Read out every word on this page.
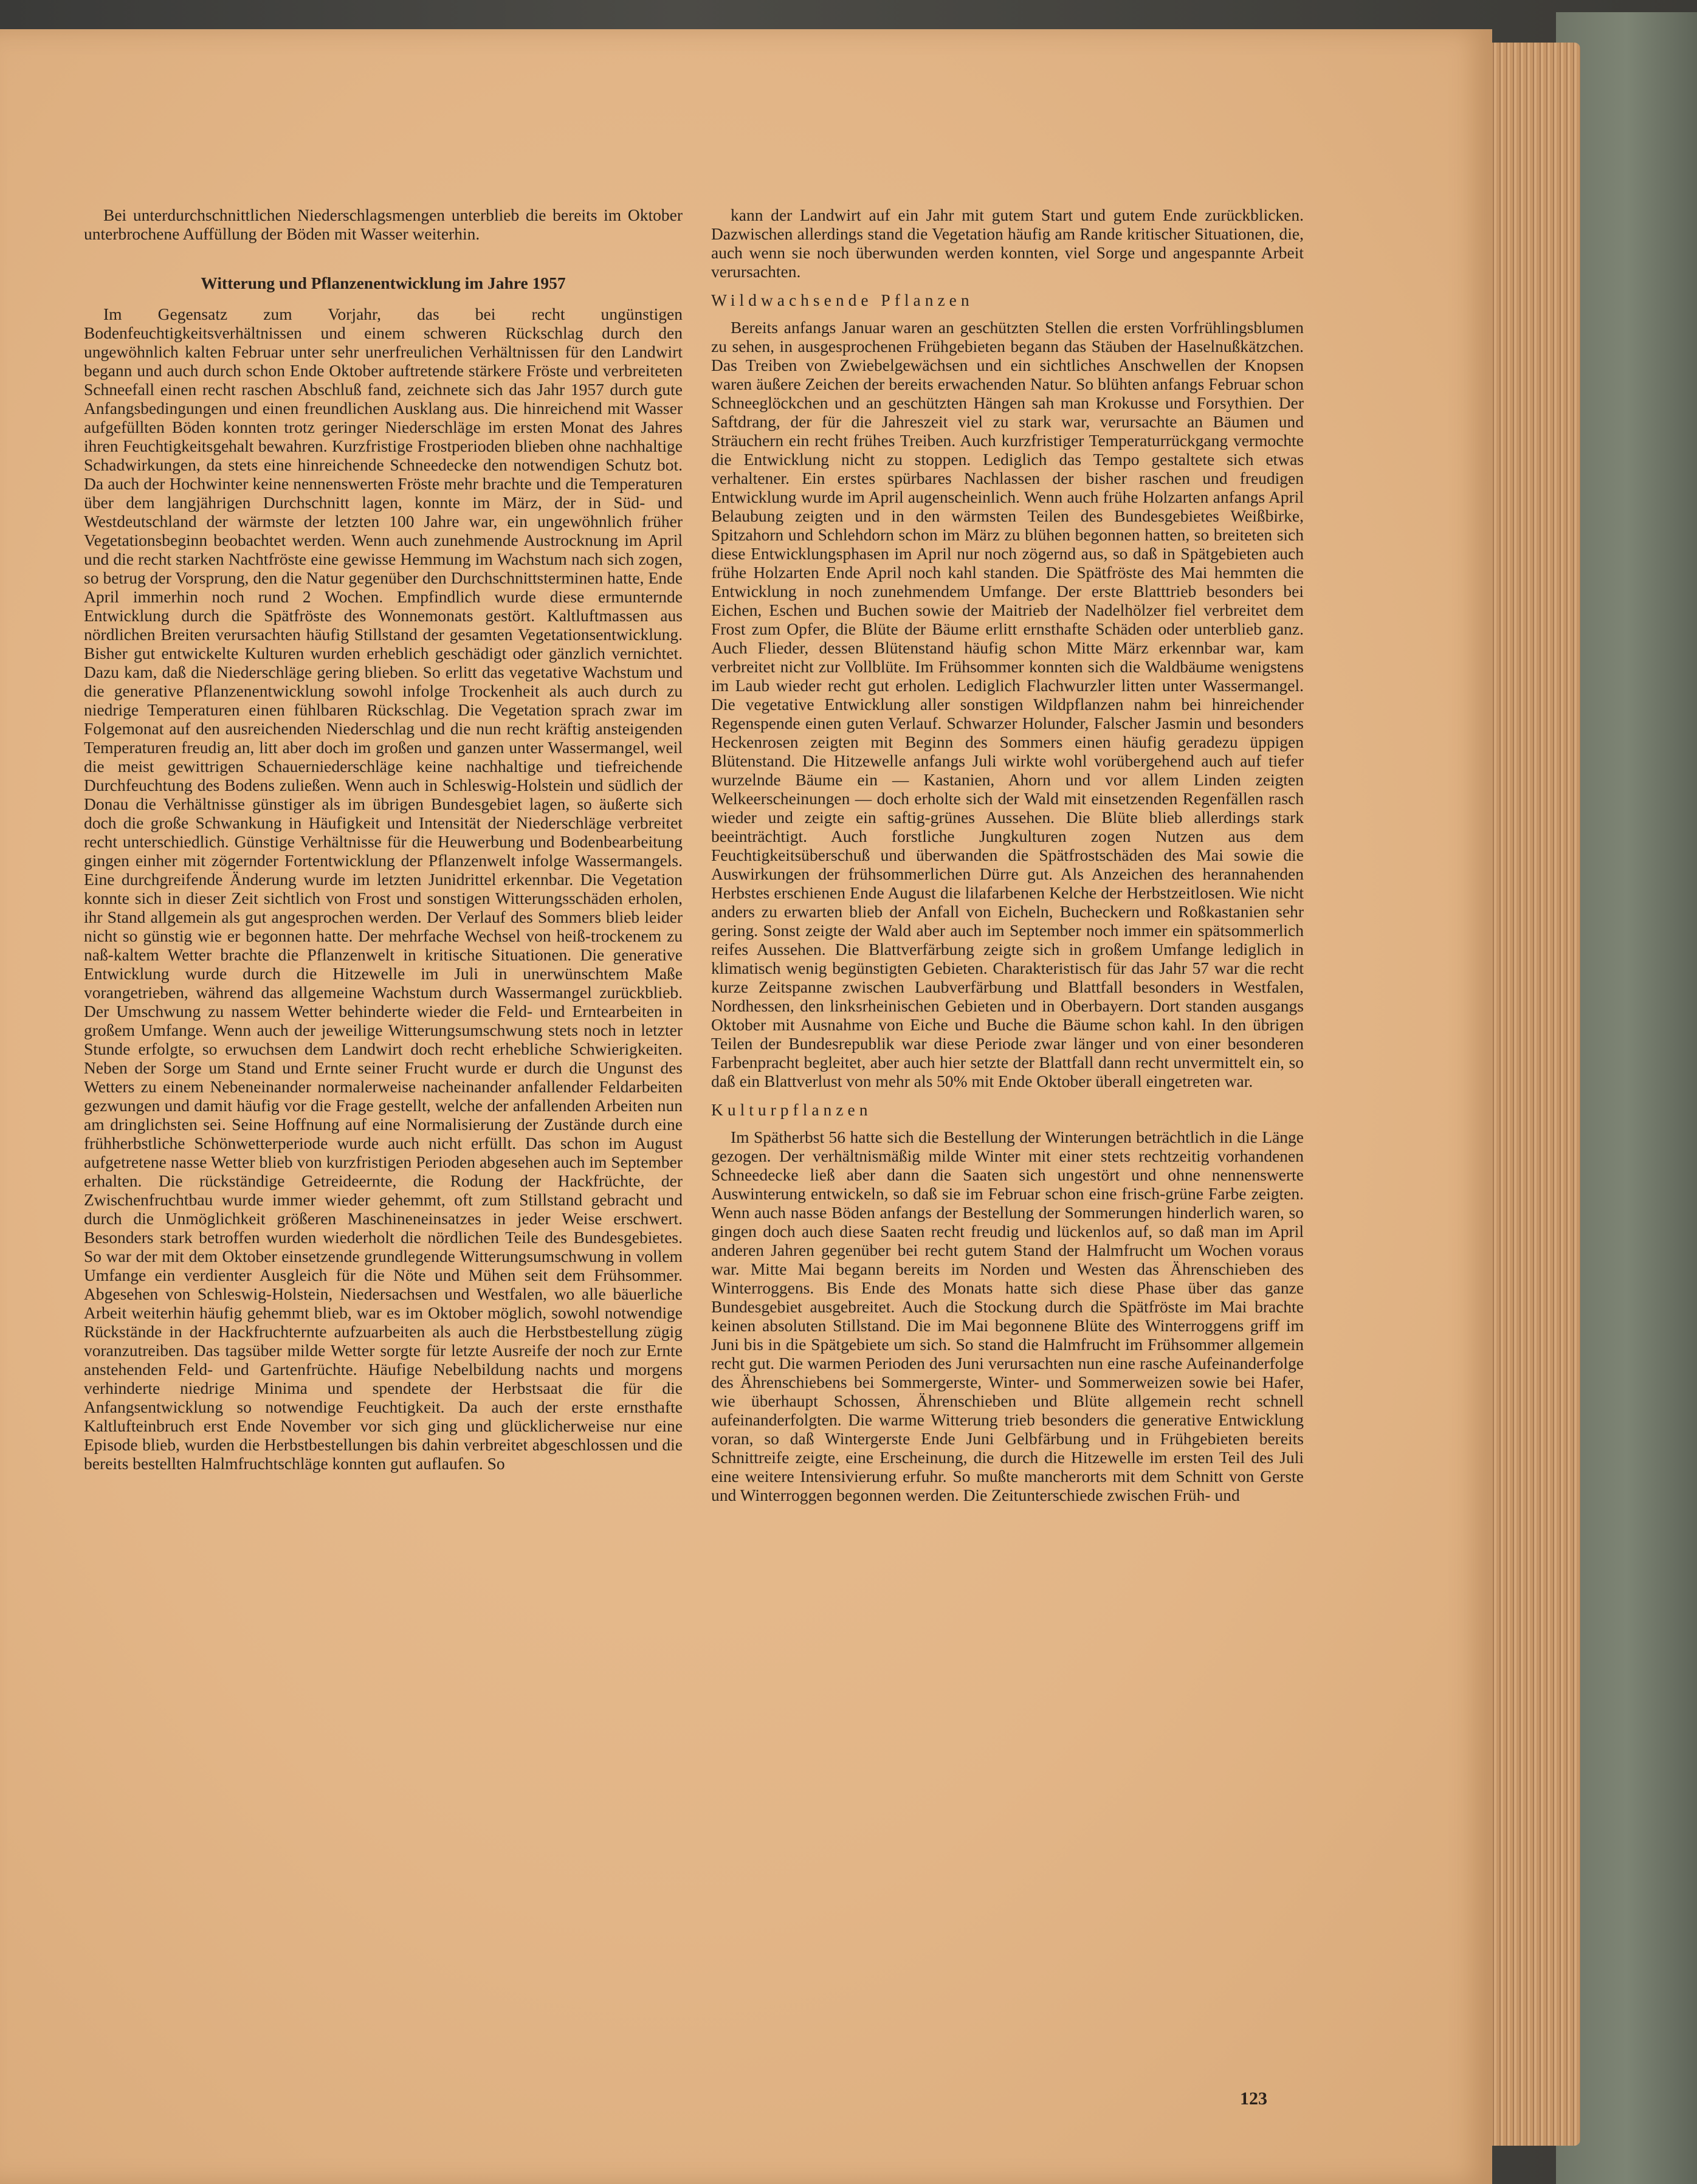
Bei unterdurchschnittlichen Niederschlagsmengen unterblieb die bereits im Oktober unterbrochene Auffüllung der Böden mit Wasser weiterhin.

Witterung und Pflanzenentwicklung im Jahre 1957

Im Gegensatz zum Vorjahr, das bei recht ungünstigen Bodenfeuchtigkeitsverhältnissen und einem schweren Rückschlag durch den ungewöhnlich kalten Februar unter sehr unerfreulichen Verhältnissen für den Landwirt begann und auch durch schon Ende Oktober auftretende stärkere Fröste und verbreiteten Schneefall einen recht raschen Abschluß fand, zeichnete sich das Jahr 1957 durch gute Anfangsbedingungen und einen freundlichen Ausklang aus. Die hinreichend mit Wasser aufgefüllten Böden konnten trotz geringer Niederschläge im ersten Monat des Jahres ihren Feuchtigkeitsgehalt bewahren. Kurzfristige Frostperioden blieben ohne nachhaltige Schadwirkungen, da stets eine hinreichende Schneedecke den notwendigen Schutz bot. Da auch der Hochwinter keine nennenswerten Fröste mehr brachte und die Temperaturen über dem langjährigen Durchschnitt lagen, konnte im März, der in Süd- und Westdeutschland der wärmste der letzten 100 Jahre war, ein ungewöhnlich früher Vegetationsbeginn beobachtet werden. Wenn auch zunehmende Austrocknung im April und die recht starken Nachtfröste eine gewisse Hemmung im Wachstum nach sich zogen, so betrug der Vorsprung, den die Natur gegenüber den Durchschnittsterminen hatte, Ende April immerhin noch rund 2 Wochen. Empfindlich wurde diese ermunternde Entwicklung durch die Spätfröste des Wonnemonats gestört. Kaltluftmassen aus nördlichen Breiten verursachten häufig Stillstand der gesamten Vegetationsentwicklung. Bisher gut entwickelte Kulturen wurden erheblich geschädigt oder gänzlich vernichtet. Dazu kam, daß die Niederschläge gering blieben. So erlitt das vegetative Wachstum und die generative Pflanzenentwicklung sowohl infolge Trockenheit als auch durch zu niedrige Temperaturen einen fühlbaren Rückschlag. Die Vegetation sprach zwar im Folgemonat auf den ausreichenden Niederschlag und die nun recht kräftig ansteigenden Temperaturen freudig an, litt aber doch im großen und ganzen unter Wassermangel, weil die meist gewittrigen Schauerniederschläge keine nachhaltige und tiefreichende Durchfeuchtung des Bodens zuließen. Wenn auch in Schleswig-Holstein und südlich der Donau die Verhältnisse günstiger als im übrigen Bundesgebiet lagen, so äußerte sich doch die große Schwankung in Häufigkeit und Intensität der Niederschläge verbreitet recht unterschiedlich. Günstige Verhältnisse für die Heuwerbung und Bodenbearbeitung gingen einher mit zögernder Fortentwicklung der Pflanzenwelt infolge Wassermangels. Eine durchgreifende Änderung wurde im letzten Junidrittel erkennbar. Die Vegetation konnte sich in dieser Zeit sichtlich von Frost und sonstigen Witterungsschäden erholen, ihr Stand allgemein als gut angesprochen werden. Der Verlauf des Sommers blieb leider nicht so günstig wie er begonnen hatte. Der mehrfache Wechsel von heiß-trockenem zu naß-kaltem Wetter brachte die Pflanzenwelt in kritische Situationen. Die generative Entwicklung wurde durch die Hitzewelle im Juli in unerwünschtem Maße vorangetrieben, während das allgemeine Wachstum durch Wassermangel zurückblieb. Der Umschwung zu nassem Wetter behinderte wieder die Feld- und Erntearbeiten in großem Umfange. Wenn auch der jeweilige Witterungsumschwung stets noch in letzter Stunde erfolgte, so erwuchsen dem Landwirt doch recht erhebliche Schwierigkeiten. Neben der Sorge um Stand und Ernte seiner Frucht wurde er durch die Ungunst des Wetters zu einem Nebeneinander normalerweise nacheinander anfallender Feldarbeiten gezwungen und damit häufig vor die Frage gestellt, welche der anfallenden Arbeiten nun am dringlichsten sei. Seine Hoffnung auf eine Normalisierung der Zustände durch eine frühherbstliche Schönwetterperiode wurde auch nicht erfüllt. Das schon im August aufgetretene nasse Wetter blieb von kurzfristigen Perioden abgesehen auch im September erhalten. Die rückständige Getreideernte, die Rodung der Hackfrüchte, der Zwischenfruchtbau wurde immer wieder gehemmt, oft zum Stillstand gebracht und durch die Unmöglichkeit größeren Maschineneinsatzes in jeder Weise erschwert. Besonders stark betroffen wurden wiederholt die nördlichen Teile des Bundesgebietes. So war der mit dem Oktober einsetzende grundlegende Witterungsumschwung in vollem Umfange ein verdienter Ausgleich für die Nöte und Mühen seit dem Frühsommer. Abgesehen von Schleswig-Holstein, Niedersachsen und Westfalen, wo alle bäuerliche Arbeit weiterhin häufig gehemmt blieb, war es im Oktober möglich, sowohl notwendige Rückstände in der Hackfruchternte aufzuarbeiten als auch die Herbstbestellung zügig voranzutreiben. Das tagsüber milde Wetter sorgte für letzte Ausreife der noch zur Ernte anstehenden Feld- und Gartenfrüchte. Häufige Nebelbildung nachts und morgens verhinderte niedrige Minima und spendete der Herbstsaat die für die Anfangsentwicklung so notwendige Feuchtigkeit. Da auch der erste ernsthafte Kaltlufteinbruch erst Ende November vor sich ging und glücklicherweise nur eine Episode blieb, wurden die Herbstbestellungen bis dahin verbreitet abgeschlossen und die bereits bestellten Halmfruchtschläge konnten gut auflaufen. So

kann der Landwirt auf ein Jahr mit gutem Start und gutem Ende zurückblicken. Dazwischen allerdings stand die Vegetation häufig am Rande kritischer Situationen, die, auch wenn sie noch überwunden werden konnten, viel Sorge und angespannte Arbeit verursachten.

Wildwachsende Pflanzen

Bereits anfangs Januar waren an geschützten Stellen die ersten Vorfrühlingsblumen zu sehen, in ausgesprochenen Frühgebieten begann das Stäuben der Haselnußkätzchen. Das Treiben von Zwiebelgewächsen und ein sichtliches Anschwellen der Knopsen waren äußere Zeichen der bereits erwachenden Natur. So blühten anfangs Februar schon Schneeglöckchen und an geschützten Hängen sah man Krokusse und Forsythien. Der Saftdrang, der für die Jahreszeit viel zu stark war, verursachte an Bäumen und Sträuchern ein recht frühes Treiben. Auch kurzfristiger Temperaturrückgang vermochte die Entwicklung nicht zu stoppen. Lediglich das Tempo gestaltete sich etwas verhaltener. Ein erstes spürbares Nachlassen der bisher raschen und freudigen Entwicklung wurde im April augenscheinlich. Wenn auch frühe Holzarten anfangs April Belaubung zeigten und in den wärmsten Teilen des Bundesgebietes Weißbirke, Spitzahorn und Schlehdorn schon im März zu blühen begonnen hatten, so breiteten sich diese Entwicklungsphasen im April nur noch zögernd aus, so daß in Spätgebieten auch frühe Holzarten Ende April noch kahl standen. Die Spätfröste des Mai hemmten die Entwicklung in noch zunehmendem Umfange. Der erste Blatttrieb besonders bei Eichen, Eschen und Buchen sowie der Maitrieb der Nadelhölzer fiel verbreitet dem Frost zum Opfer, die Blüte der Bäume erlitt ernsthafte Schäden oder unterblieb ganz. Auch Flieder, dessen Blütenstand häufig schon Mitte März erkennbar war, kam verbreitet nicht zur Vollblüte. Im Frühsommer konnten sich die Waldbäume wenigstens im Laub wieder recht gut erholen. Lediglich Flachwurzler litten unter Wassermangel. Die vegetative Entwicklung aller sonstigen Wildpflanzen nahm bei hinreichender Regenspende einen guten Verlauf. Schwarzer Holunder, Falscher Jasmin und besonders Heckenrosen zeigten mit Beginn des Sommers einen häufig geradezu üppigen Blütenstand. Die Hitzewelle anfangs Juli wirkte wohl vorübergehend auch auf tiefer wurzelnde Bäume ein — Kastanien, Ahorn und vor allem Linden zeigten Welkeerscheinungen — doch erholte sich der Wald mit einsetzenden Regenfällen rasch wieder und zeigte ein saftig-grünes Aussehen. Die Blüte blieb allerdings stark beeinträchtigt. Auch forstliche Jungkulturen zogen Nutzen aus dem Feuchtigkeitsüberschuß und überwanden die Spätfrostschäden des Mai sowie die Auswirkungen der frühsommerlichen Dürre gut. Als Anzeichen des herannahenden Herbstes erschienen Ende August die lilafarbenen Kelche der Herbstzeitlosen. Wie nicht anders zu erwarten blieb der Anfall von Eicheln, Bucheckern und Roßkastanien sehr gering. Sonst zeigte der Wald aber auch im September noch immer ein spätsommerlich reifes Aussehen. Die Blattverfärbung zeigte sich in großem Umfange lediglich in klimatisch wenig begünstigten Gebieten. Charakteristisch für das Jahr 57 war die recht kurze Zeitspanne zwischen Laubverfärbung und Blattfall besonders in Westfalen, Nordhessen, den linksrheinischen Gebieten und in Oberbayern. Dort standen ausgangs Oktober mit Ausnahme von Eiche und Buche die Bäume schon kahl. In den übrigen Teilen der Bundesrepublik war diese Periode zwar länger und von einer besonderen Farbenpracht begleitet, aber auch hier setzte der Blattfall dann recht unvermittelt ein, so daß ein Blattverlust von mehr als 50% mit Ende Oktober überall eingetreten war.

Kulturpflanzen

Im Spätherbst 56 hatte sich die Bestellung der Winterungen beträchtlich in die Länge gezogen. Der verhältnismäßig milde Winter mit einer stets rechtzeitig vorhandenen Schneedecke ließ aber dann die Saaten sich ungestört und ohne nennenswerte Auswinterung entwickeln, so daß sie im Februar schon eine frisch-grüne Farbe zeigten. Wenn auch nasse Böden anfangs der Bestellung der Sommerungen hinderlich waren, so gingen doch auch diese Saaten recht freudig und lückenlos auf, so daß man im April anderen Jahren gegenüber bei recht gutem Stand der Halmfrucht um Wochen voraus war. Mitte Mai begann bereits im Norden und Westen das Ährenschieben des Winterroggens. Bis Ende des Monats hatte sich diese Phase über das ganze Bundesgebiet ausgebreitet. Auch die Stockung durch die Spätfröste im Mai brachte keinen absoluten Stillstand. Die im Mai begonnene Blüte des Winterroggens griff im Juni bis in die Spätgebiete um sich. So stand die Halmfrucht im Frühsommer allgemein recht gut. Die warmen Perioden des Juni verursachten nun eine rasche Aufeinanderfolge des Ährenschiebens bei Sommergerste, Winter- und Sommerweizen sowie bei Hafer, wie überhaupt Schossen, Ährenschieben und Blüte allgemein recht schnell aufeinanderfolgten. Die warme Witterung trieb besonders die generative Entwicklung voran, so daß Wintergerste Ende Juni Gelbfärbung und in Frühgebieten bereits Schnittreife zeigte, eine Erscheinung, die durch die Hitzewelle im ersten Teil des Juli eine weitere Intensivierung erfuhr. So mußte mancherorts mit dem Schnitt von Gerste und Winterroggen begonnen werden. Die Zeitunterschiede zwischen Früh- und

123
